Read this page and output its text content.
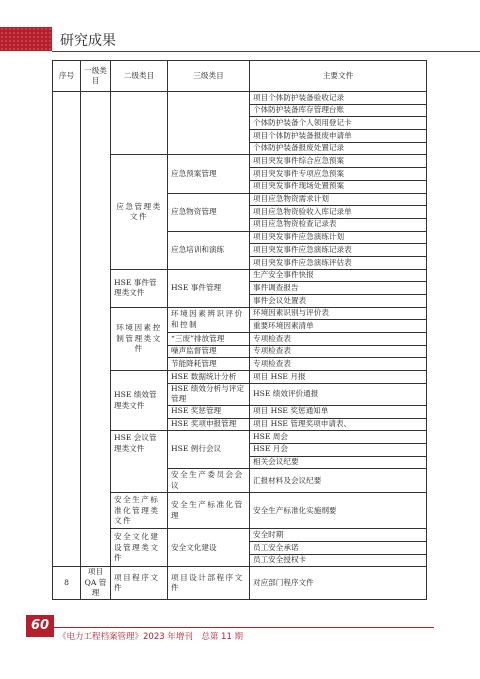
研究成果
序号	一级类目	二级类目	三级类目	主要文件
				项目个体防护装备验收记录
				个体防护装备库存管理台账
				个体防护装备个人领用登记卡
				项目个体防护装备报废申请单
				个体防护装备报废处置记录
		应急管理类文件	应急预案管理	项目突发事件综合应急预案
				项目突发事件专项应急预案
				项目突发事件现场处置预案
			应急物资管理	项目应急物资需求计划
				项目应急物资验收入库记录单
				项目应急物资检查记录表
			应急培训和演练	项目突发事件应急演练计划
				项目突发事件应急演练记录表
				项目突发事件应急演练评估表
		HSE 事件管理类文件	HSE 事件管理	生产安全事件快报
				事件调查报告
				事件会议处置表
		环境因素控制管理类文件	环境因素辨识评价和控制	环境因素识别与评价表
				重要环境因素清单
			“三废”排放管理	专项检查表
			噪声监督管理	专项检查表
			节能降耗管理	专项检查表
		HSE 绩效管理类文件	HSE 数据统计分析	项目 HSE 月报
			HSE 绩效分析与评定管理	HSE 绩效评价通报
			HSE 奖惩管理	项目 HSE 奖惩通知单
			HSE 奖项申报管理	项目 HSE 管理奖项申请表、
		HSE 会议管理类文件	HSE 例行会议	HSE 周会
				HSE 月会
				相关会议纪要
			安全生产委员会会议	汇报材料及会议纪要
		安全生产标准化管理类文件	安全生产标准化管理	安全生产标准化实施纲要
		安全文化建设管理类文件	安全文化建设	安全时期
				员工安全承诺
				员工安全授权卡
8	项目 QA 管理	项目程序文件	项目设计部程序文件	对应部门程序文件
60
《电力工程档案管理》2023 年增刊　总第 11 期
